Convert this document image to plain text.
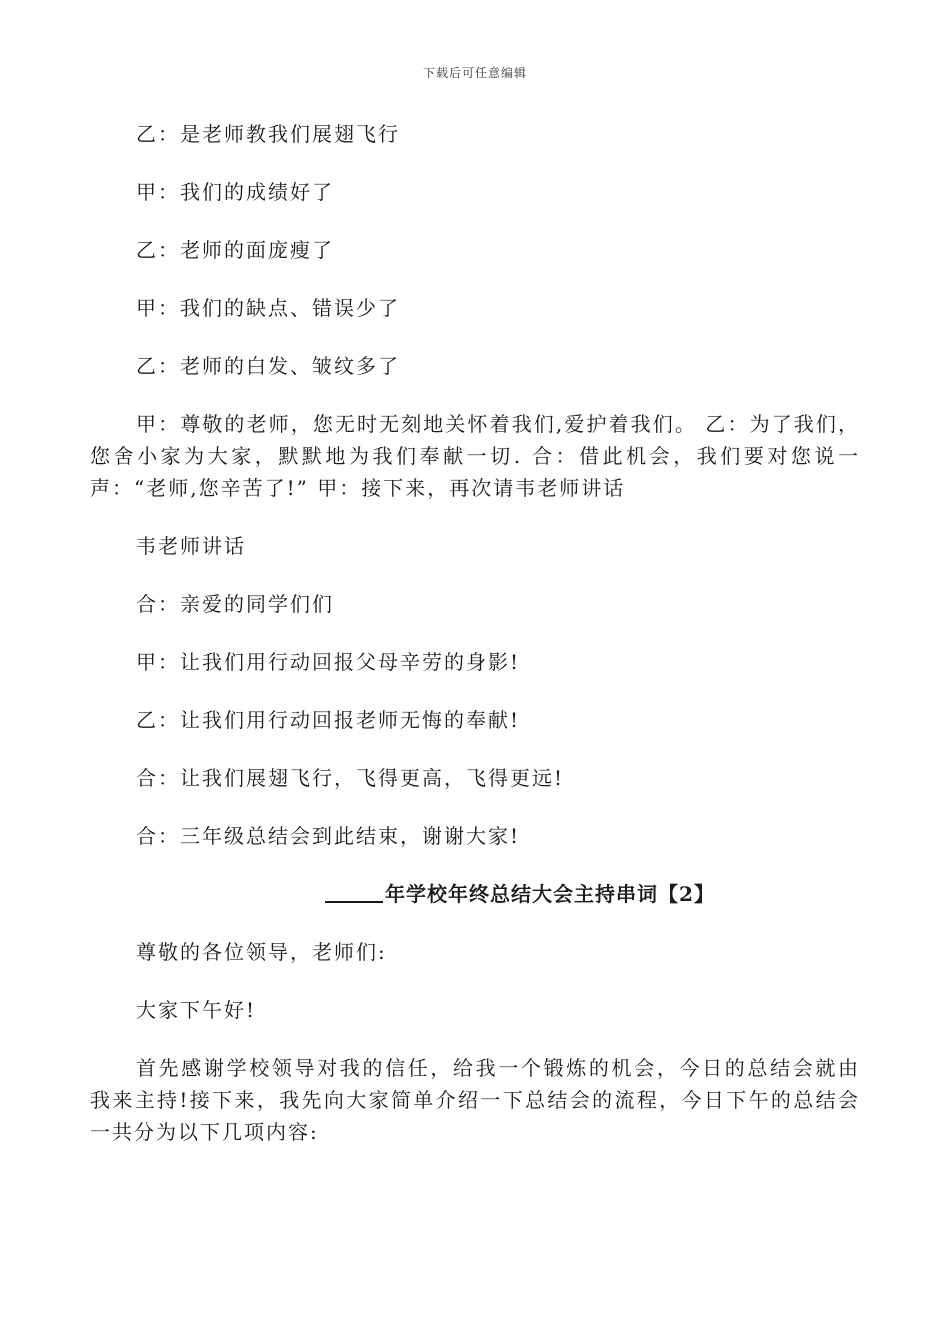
下载后可任意编辑

乙：是老师教我们展翅飞行

甲：我们的成绩好了

乙：老师的面庞瘦了

甲：我们的缺点、错误少了

乙：老师的白发、皱纹多了

甲：尊敬的老师，您无时无刻地关怀着我们,爱护着我们。 乙：为了我们，您舍小家为大家，默默地为我们奉献一切. 合：借此机会，我们要对您说一声：“老师,您辛苦了!” 甲：接下来，再次请韦老师讲话

韦老师讲话

合：亲爱的同学们们

甲：让我们用行动回报父母辛劳的身影!

乙：让我们用行动回报老师无悔的奉献!

合：让我们展翅飞行，飞得更高，飞得更远!

合：三年级总结会到此结束，谢谢大家!

年学校年终总结大会主持串词【2】

尊敬的各位领导，老师们:

大家下午好!

首先感谢学校领导对我的信任，给我一个锻炼的机会，今日的总结会就由我来主持!接下来，我先向大家简单介绍一下总结会的流程，今日下午的总结会一共分为以下几项内容:
